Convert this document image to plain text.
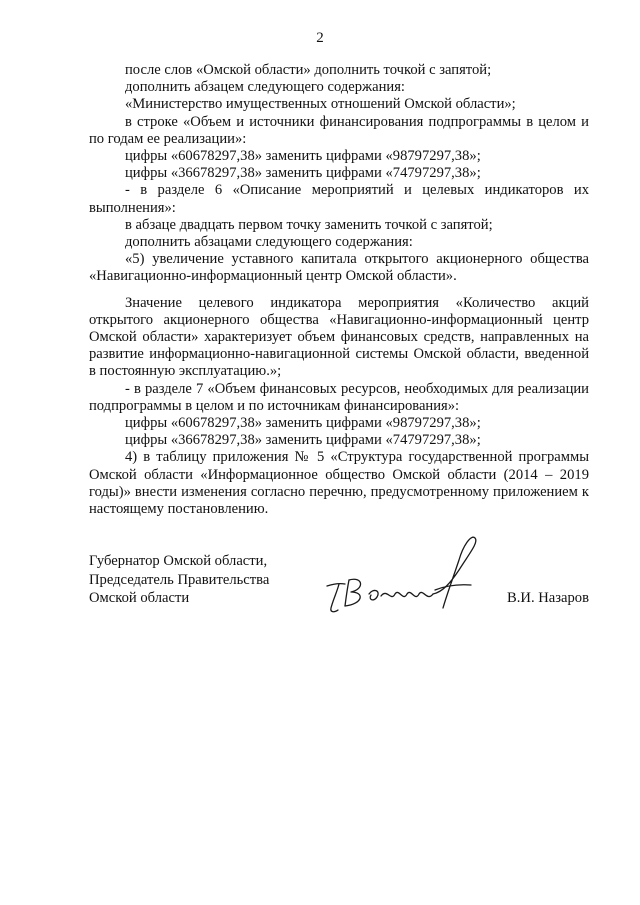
2

после слов «Омской области» дополнить точкой с запятой;

дополнить абзацем следующего содержания:

«Министерство имущественных отношений Омской области»;

в строке «Объем и источники финансирования подпрограммы в целом и по годам ее реализации»:

цифры «60678297,38» заменить цифрами «98797297,38»;

цифры «36678297,38» заменить цифрами «74797297,38»;

- в разделе 6 «Описание мероприятий и целевых индикаторов их выполнения»:

в абзаце двадцать первом точку заменить точкой с запятой;

дополнить абзацами следующего содержания:

«5) увеличение уставного капитала открытого акционерного общества «Навигационно-информационный центр Омской области».

Значение целевого индикатора мероприятия «Количество акций открытого акционерного общества «Навигационно-информационный центр Омской области» характеризует объем финансовых средств, направленных на развитие информационно-навигационной системы Омской области, введенной в постоянную эксплуатацию.»;

- в разделе 7 «Объем финансовых ресурсов, необходимых для реализации подпрограммы в целом и по источникам финансирования»:

цифры «60678297,38» заменить цифрами «98797297,38»;

цифры «36678297,38» заменить цифрами «74797297,38»;

4) в таблицу приложения № 5 «Структура государственной программы Омской области «Информационное общество Омской области (2014 – 2019 годы)» внести изменения согласно перечню, предусмотренному приложением к настоящему постановлению.

Губернатор Омской области,
Председатель Правительства
Омской области	В.И. Назаров
